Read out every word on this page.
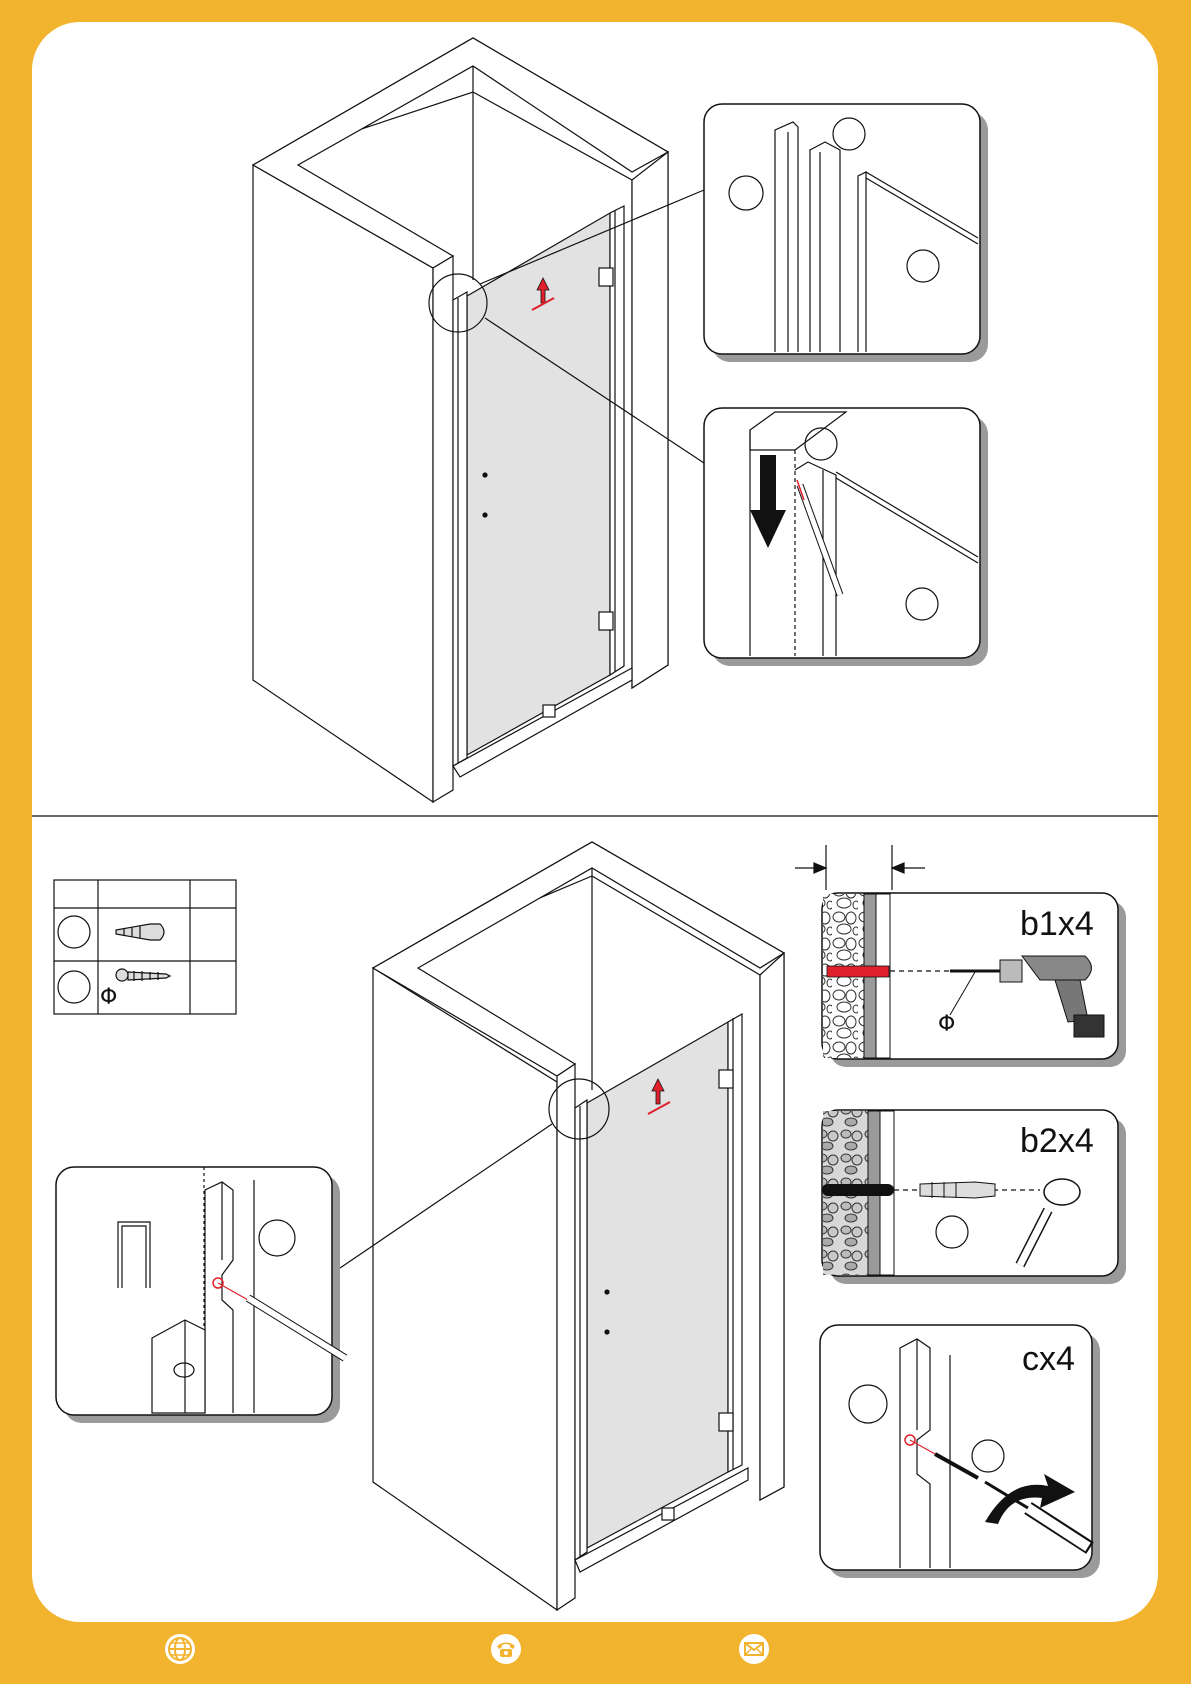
Φ
b1x4
Φ
b2x4
cx4
